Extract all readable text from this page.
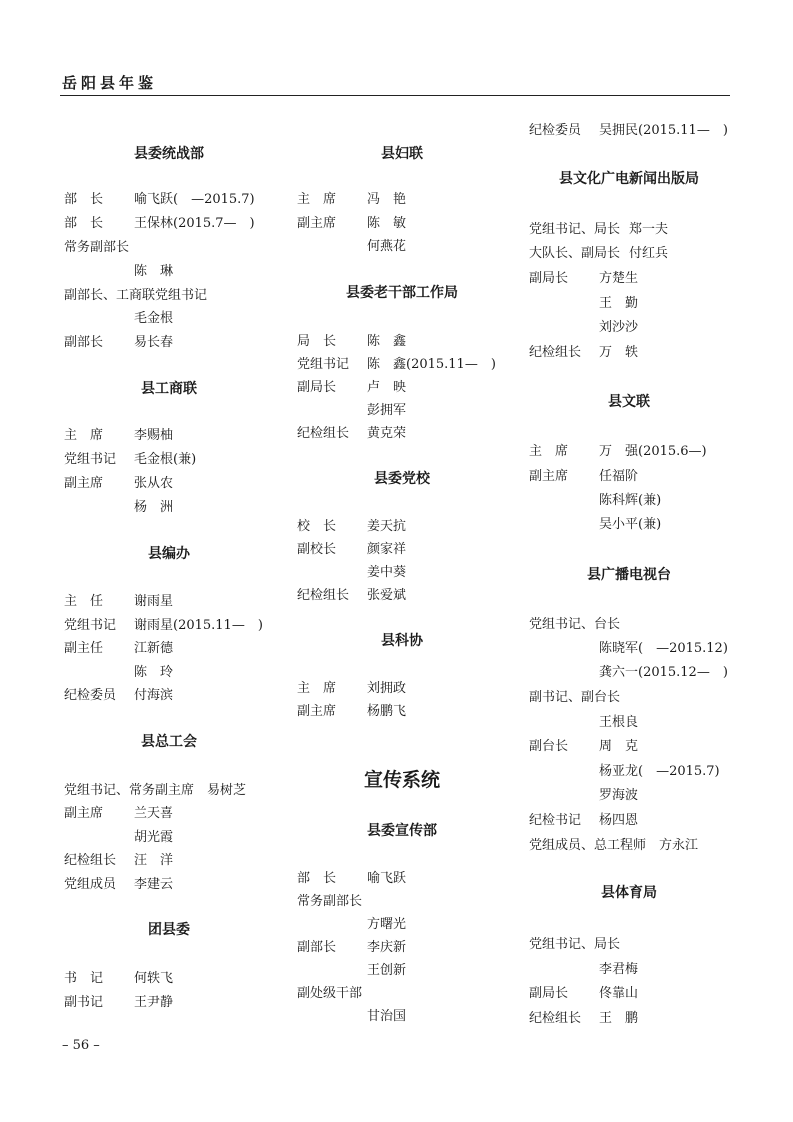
岳阳县年鉴
县委统战部
部　长 喻飞跃(　—2015.7)
部　长 王保林(2015.7—　)
常务副部长
陈　琳
副部长、工商联党组书记
毛金根
副部长 易长春
县工商联
主　席 李赐柚
党组书记 毛金根(兼)
副主席 张从农
杨　洲
县编办
主　任 谢雨星
党组书记 谢雨星(2015.11—　)
副主任 江新德
陈　玲
纪检委员 付海滨
县总工会
党组书记、常务副主席　 易树芝
副主席 兰天喜
胡光霞
纪检组长 汪　洋
党组成员 李建云
团县委
书　记 何轶飞
副书记 王尹静
县妇联
主　席 冯　艳
副主席 陈　敏
何燕花
县委老干部工作局
局　长 陈　鑫
党组书记 陈　鑫(2015.11—　)
副局长 卢　映
彭拥军
纪检组长 黄克荣
县委党校
校　长 姜天抗
副校长 颜家祥
姜中葵
纪检组长 张爱斌
县科协
主　席 刘拥政
副主席 杨鹏飞
宣传系统
县委宣传部
部　长 喻飞跃
常务副部长
方曙光
副部长 李庆新
王创新
副处级干部
甘治国
纪检委员 吴拥民(2015.11—　)
县文化广电新闻出版局
党组书记、局长 郑一夫
大队长、副局长 付红兵
副局长 方楚生
王　勤
刘沙沙
纪检组长 万　轶
县文联
主　席 万　强(2015.6—)
副主席 任福阶
陈科辉(兼)
吴小平(兼)
县广播电视台
党组书记、台长
陈晓军(　—2015.12)
龚六一(2015.12—　)
副书记、副台长
王根良
副台长 周　克
杨亚龙(　—2015.7)
罗海波
纪检书记 杨四恩
党组成员、总工程师　 方永江
县体育局
党组书记、局长
李君梅
副局长 佟靠山
纪检组长 王　鹏
– 56 –
